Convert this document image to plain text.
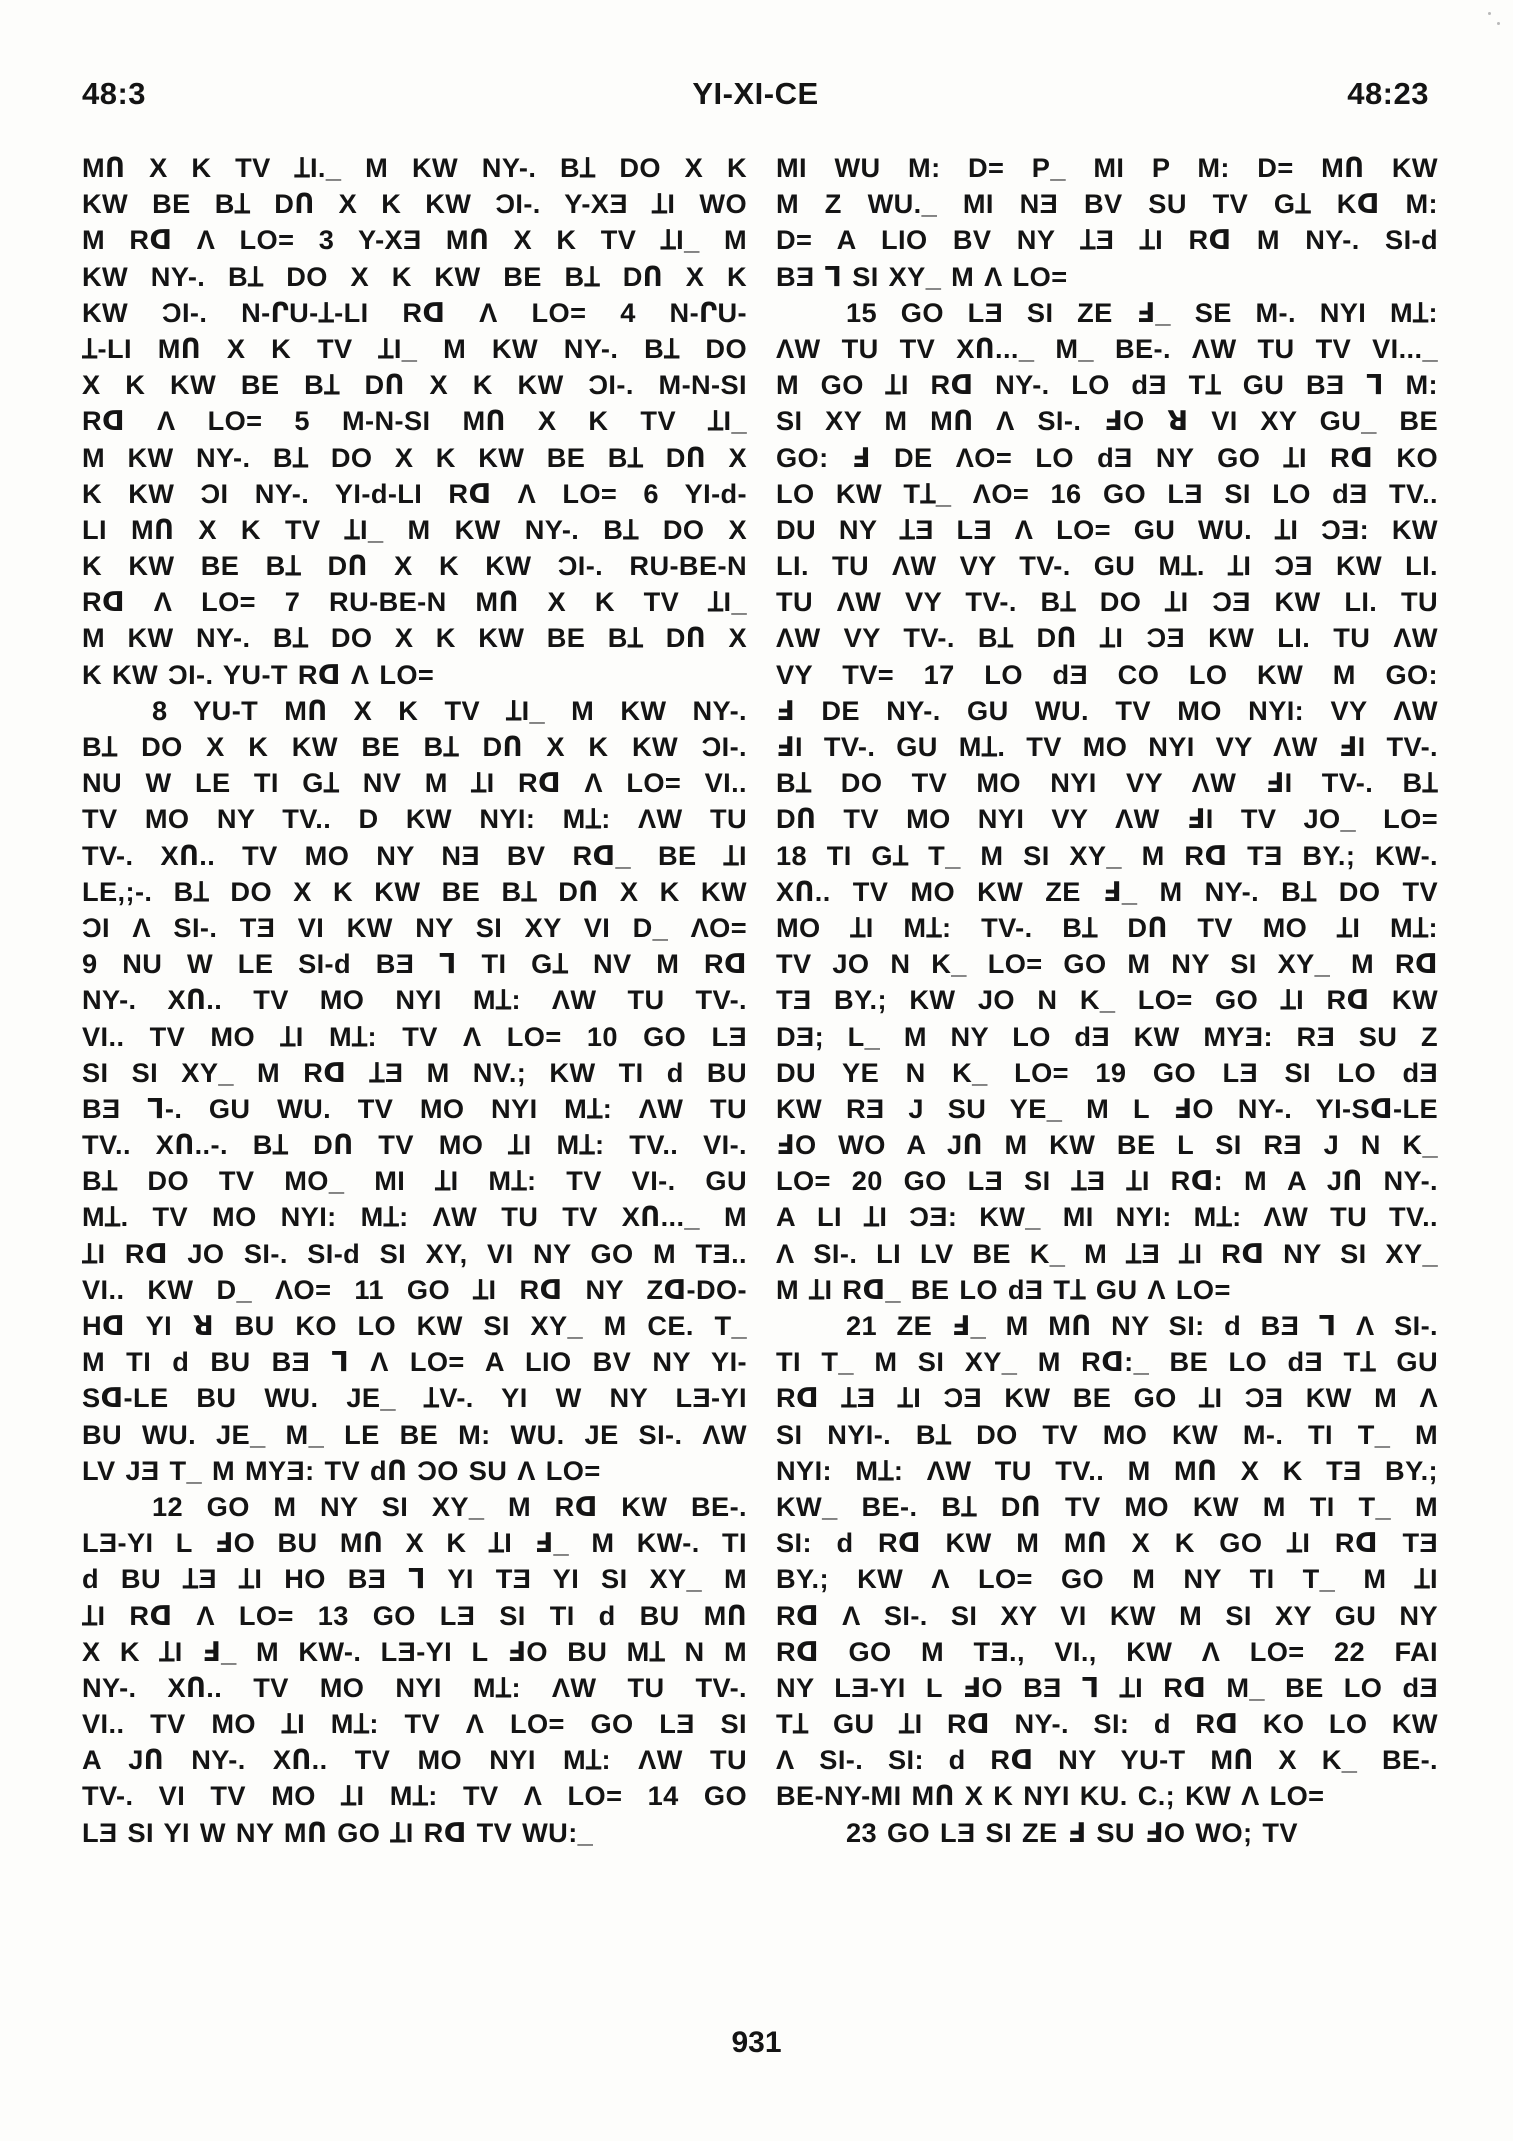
48:3	YI-XI-CE	48:23
MՈ X K TV ꞱI._ M KW NY-. BꞱ DO X K
KW BE BꞱ DՈ X K KW ƆI-. Y-XƎ ꞱI WO
M Rꓷ Λ LO= 3 Y-XƎ MՈ X K TV ꞱI_ M
KW NY-. BꞱ DO X K KW BE BꞱ DՈ X K
KW ƆI-. N-ՐU-Ʇ-LI Rꓷ Λ LO= 4 N-ՐU-
Ʇ-LI MՈ X K TV ꞱI_ M KW NY-. BꞱ DO
X K KW BE BꞱ DՈ X K KW ƆI-. M-N-SI
Rꓷ Λ LO= 5 M-N-SI MՈ X K TV ꞱI_
M KW NY-. BꞱ DO X K KW BE BꞱ DՈ X
K KW ƆI NY-. YI-ԁ-LI Rꓷ Λ LO= 6 YI-ԁ-
LI MՈ X K TV ꞱI_ M KW NY-. BꞱ DO X
K KW BE BꞱ DՈ X K KW ƆI-. RU-BE-N
Rꓷ Λ LO= 7 RU-BE-N MՈ X K TV ꞱI_
M KW NY-. BꞱ DO X K KW BE BꞱ DՈ X
K KW ƆI-. YU-T Rꓷ Λ LO=
8 YU-T MՈ X K TV ꞱI_ M KW NY-.
BꞱ DO X K KW BE BꞱ DՈ X K KW ƆI-.
NU W LE TI GꞱ NV M ꞱI Rꓷ Λ LO= VI..
TV MO NY TV.. D KW NYI: MꞱ: ΛW TU
TV-. XՈ.. TV MO NY NƎ BV Rꓷ_ BE ꞱI
LE,;-. BꞱ DO X K KW BE BꞱ DՈ X K KW
ƆI Λ SI-. TƎ VI KW NY SI XY VI D_ ΛO=
9 NU W LE SI-ԁ BƎ Ꞁ TI GꞱ NV M Rꓷ
NY-. XՈ.. TV MO NYI MꞱ: ΛW TU TV-.
VI.. TV MO ꞱI MꞱ: TV Λ LO= 10 GO LƎ
SI SI XY_ M Rꓷ ꞱƎ M NV.; KW TI ԁ BU
BƎ Ꞁ-. GU WU. TV MO NYI MꞱ: ΛW TU
TV.. XՈ..-. BꞱ DՈ TV MO ꞱI MꞱ: TV.. VI-.
BꞱ DO TV MO_ MI ꞱI MꞱ: TV VI-. GU
MꞱ. TV MO NYI: MꞱ: ΛW TU TV XՈ..._ M
ꞱI Rꓷ JO SI-. SI-ԁ SI XY, VI NY GO M TƎ..
VI.. KW D_ ΛO= 11 GO ꞱI Rꓷ NY Zꓷ-DO-
Hꓷ YI ꓤ BU KO LO KW SI XY_ M CE. T_
M TI ԁ BU BƎ Ꞁ Λ LO= A LIO BV NY YI-
Sꓷ-LE BU WU. JE_ ꞱV-. YI W NY LƎ-YI
BU WU. JE_ M_ LE BE M: WU. JE SI-. ΛW
LV JƎ T_ M MYƎ: TV ԁՈ ƆO SU Λ LO=
12 GO M NY SI XY_ M Rꓷ KW BE-.
LƎ-YI L ꓞO BU MՈ X K ꞱI ꓞ_ M KW-. TI
ԁ BU ꞱƎ ꞱI HO BƎ Ꞁ YI TƎ YI SI XY_ M
ꞱI Rꓷ Λ LO= 13 GO LƎ SI TI ԁ BU MՈ
X K ꞱI ꓞ_ M KW-. LƎ-YI L ꓞO BU MꞱ N M
NY-. XՈ.. TV MO NYI MꞱ: ΛW TU TV-.
VI.. TV MO ꞱI MꞱ: TV Λ LO= GO LƎ SI
A JՈ NY-. XՈ.. TV MO NYI MꞱ: ΛW TU
TV-. VI TV MO ꞱI MꞱ: TV Λ LO= 14 GO
LƎ SI YI W NY MՈ GO ꞱI Rꓷ TV WU:_
MI WU M: D= P_ MI P M: D= MՈ KW
M Z WU._ MI NƎ BV SU TV GꞱ Kꓷ M:
D= A LIO BV NY ꞱƎ ꞱI Rꓷ M NY-. SI-ԁ
BƎ Ꞁ SI XY_ M Λ LO=
15 GO LƎ SI ZE ꓞ_ SE M-. NYI MꞱ:
ΛW TU TV XՈ..._ M_ BE-. ΛW TU TV VI..._
M GO ꞱI Rꓷ NY-. LO ԁƎ TꞱ GU BƎ Ꞁ M:
SI XY M MՈ Λ SI-. ꓞO ꓤ VI XY GU_ BE
GO: ꓞ DE ΛO= LO ԁƎ NY GO ꞱI Rꓷ KO
LO KW TꞱ_ ΛO= 16 GO LƎ SI LO ԁƎ TV..
DU NY ꞱƎ LƎ Λ LO= GU WU. ꞱI ƆƎ: KW
LI. TU ΛW VY TV-. GU MꞱ. ꞱI ƆƎ KW LI.
TU ΛW VY TV-. BꞱ DO ꞱI ƆƎ KW LI. TU
ΛW VY TV-. BꞱ DՈ ꞱI ƆƎ KW LI. TU ΛW
VY TV= 17 LO ԁƎ CO LO KW M GO:
ꓞ DE NY-. GU WU. TV MO NYI: VY ΛW
ꓞI TV-. GU MꞱ. TV MO NYI VY ΛW ꓞI TV-.
BꞱ DO TV MO NYI VY ΛW ꓞI TV-. BꞱ
DՈ TV MO NYI VY ΛW ꓞI TV JO_ LO=
18 TI GꞱ T_ M SI XY_ M Rꓷ TƎ BY.; KW-.
XՈ.. TV MO KW ZE ꓞ_ M NY-. BꞱ DO TV
MO ꞱI MꞱ: TV-. BꞱ DՈ TV MO ꞱI MꞱ:
TV JO N K_ LO= GO M NY SI XY_ M Rꓷ
TƎ BY.; KW JO N K_ LO= GO ꞱI Rꓷ KW
DƎ; L_ M NY LO ԁƎ KW MYƎ: RƎ SU Z
DU YE N K_ LO= 19 GO LƎ SI LO ԁƎ
KW RƎ J SU YE_ M L ꓞO NY-. YI-Sꓷ-LE
ꓞO WO A JՈ M KW BE L SI RƎ J N K_
LO= 20 GO LƎ SI ꞱƎ ꞱI Rꓷ: M A JՈ NY-.
A LI ꞱI ƆƎ: KW_ MI NYI: MꞱ: ΛW TU TV..
Λ SI-. LI LV BE K_ M ꞱƎ ꞱI Rꓷ NY SI XY_
M ꞱI Rꓷ_ BE LO ԁƎ TꞱ GU Λ LO=
21 ZE ꓞ_ M MՈ NY SI: ԁ BƎ Ꞁ Λ SI-.
TI T_ M SI XY_ M Rꓷ:_ BE LO ԁƎ TꞱ GU
Rꓷ ꞱƎ ꞱI ƆƎ KW BE GO ꞱI ƆƎ KW M Λ
SI NYI-. BꞱ DO TV MO KW M-. TI T_ M
NYI: MꞱ: ΛW TU TV.. M MՈ X K TƎ BY.;
KW_ BE-. BꞱ DՈ TV MO KW M TI T_ M
SI: ԁ Rꓷ KW M MՈ X K GO ꞱI Rꓷ TƎ
BY.; KW Λ LO= GO M NY TI T_ M ꞱI
Rꓷ Λ SI-. SI XY VI KW M SI XY GU NY
Rꓷ GO M TƎ., VI., KW Λ LO= 22 FAI
NY LƎ-YI L ꓞO BƎ Ꞁ ꞱI Rꓷ M_ BE LO ԁƎ
TꞱ GU ꞱI Rꓷ NY-. SI: ԁ Rꓷ KO LO KW
Λ SI-. SI: ԁ Rꓷ NY YU-T MՈ X K_ BE-.
BE-NY-MI MՈ X K NYI KU. C.; KW Λ LO=
23 GO LƎ SI ZE ꓞ SU ꓞO WO; TV
931
